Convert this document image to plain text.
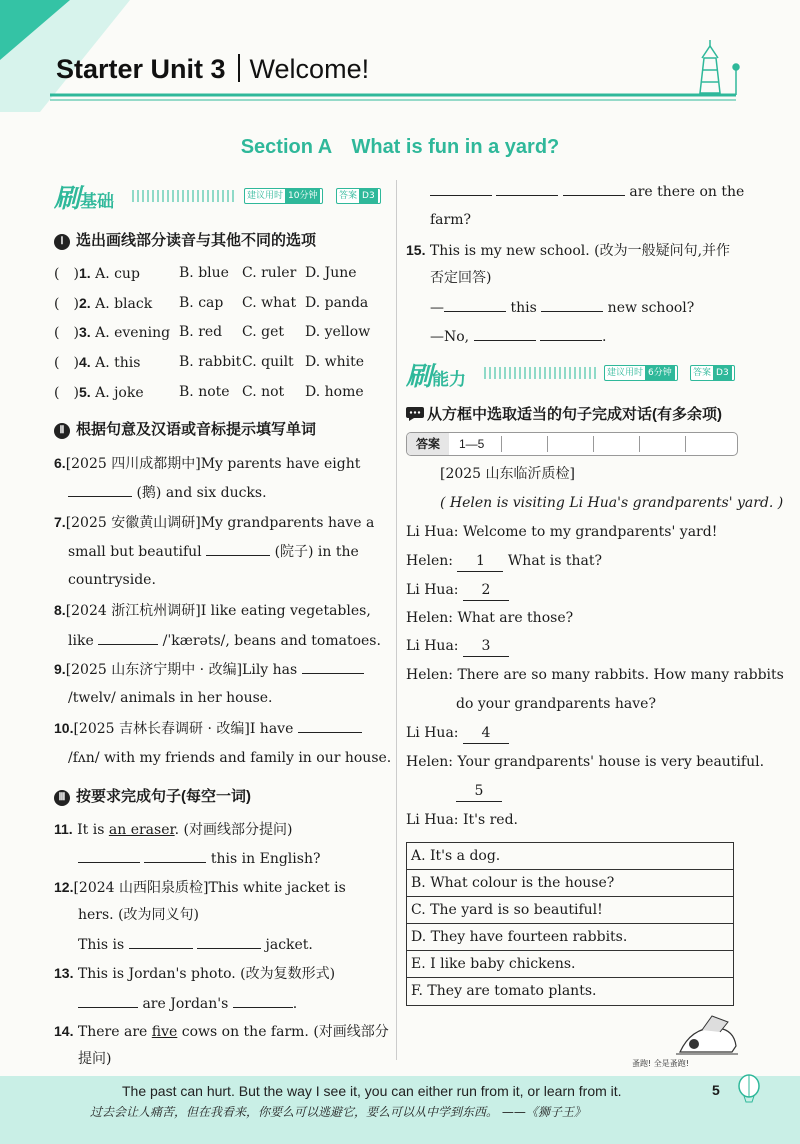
Starter Unit 3 Welcome!
Section A　What is fun in a yard?
刷基础	建议用时 10分钟	答案 D3
Ⅰ 选出画线部分读音与其他不同的选项
(　)1. A. cup	B. blue C. ruler D. June
(　)2. A. black B. cap C. what D. panda
(　)3. A. evening B. red C. get D. yellow
(　)4. A. this	B. rabbit C. quilt D. white
(　)5. A. joke	B. note C. not D. home
Ⅱ 根据句意及汉语或音标提示填写单词
6.[2025 四川成都期中]My parents have eight
(鹅) and six ducks.
7.[2025 安徽黄山调研]My grandparents have a
small but beautiful	(院子) in the
countryside.
8.[2024 浙江杭州调研]I like eating vegetables,
like	/ˈkærəts/, beans and tomatoes.
9.[2025 山东济宁期中 · 改编]Lily has
/twelv/ animals in her house.
10.[2025 吉林长春调研 · 改编]I have
/fʌn/ with my friends and family in our house.
Ⅲ 按要求完成句子(每空一词)
11. It is an eraser. (对画线部分提问)
this in English?
12.[2024 山西阳泉质检]This white jacket is
hers. (改为同义句)
This is	jacket.
13. This is Jordan's photo. (改为复数形式)
are Jordan's	.
14. There are five cows on the farm. (对画线部分
提问)
are there on the
farm?
15. This is my new school. (改为一般疑问句,并作
否定回答)
—	this	new school?
—No,	.
刷能力	建议用时 6分钟	答案 D3
从方框中选取适当的句子完成对话(有多余项)
答案	1—5
[2025 山东临沂质检]
( Helen is visiting Li Hua's grandparents' yard. )
Li Hua: Welcome to my grandparents' yard!
Helen: 1 What is that?
Li Hua: 2
Helen: What are those?
Li Hua: 3
Helen: There are so many rabbits. How many rabbits
do your grandparents have?
Li Hua: 4
Helen: Your grandparents' house is very beautiful.
5
Li Hua: It's red.
A. It's a dog.
B. What colour is the house?
C. The yard is so beautiful!
D. They have fourteen rabbits.
E. I like baby chickens.
F. They are tomato plants.
蚤跑! 全是蚤跑!
The past can hurt. But the way I see it, you can either run from it, or learn from it.
过去会让人痛苦，但在我看来，你要么可以逃避它，要么可以从中学到东西。 ——《狮子王》
5
